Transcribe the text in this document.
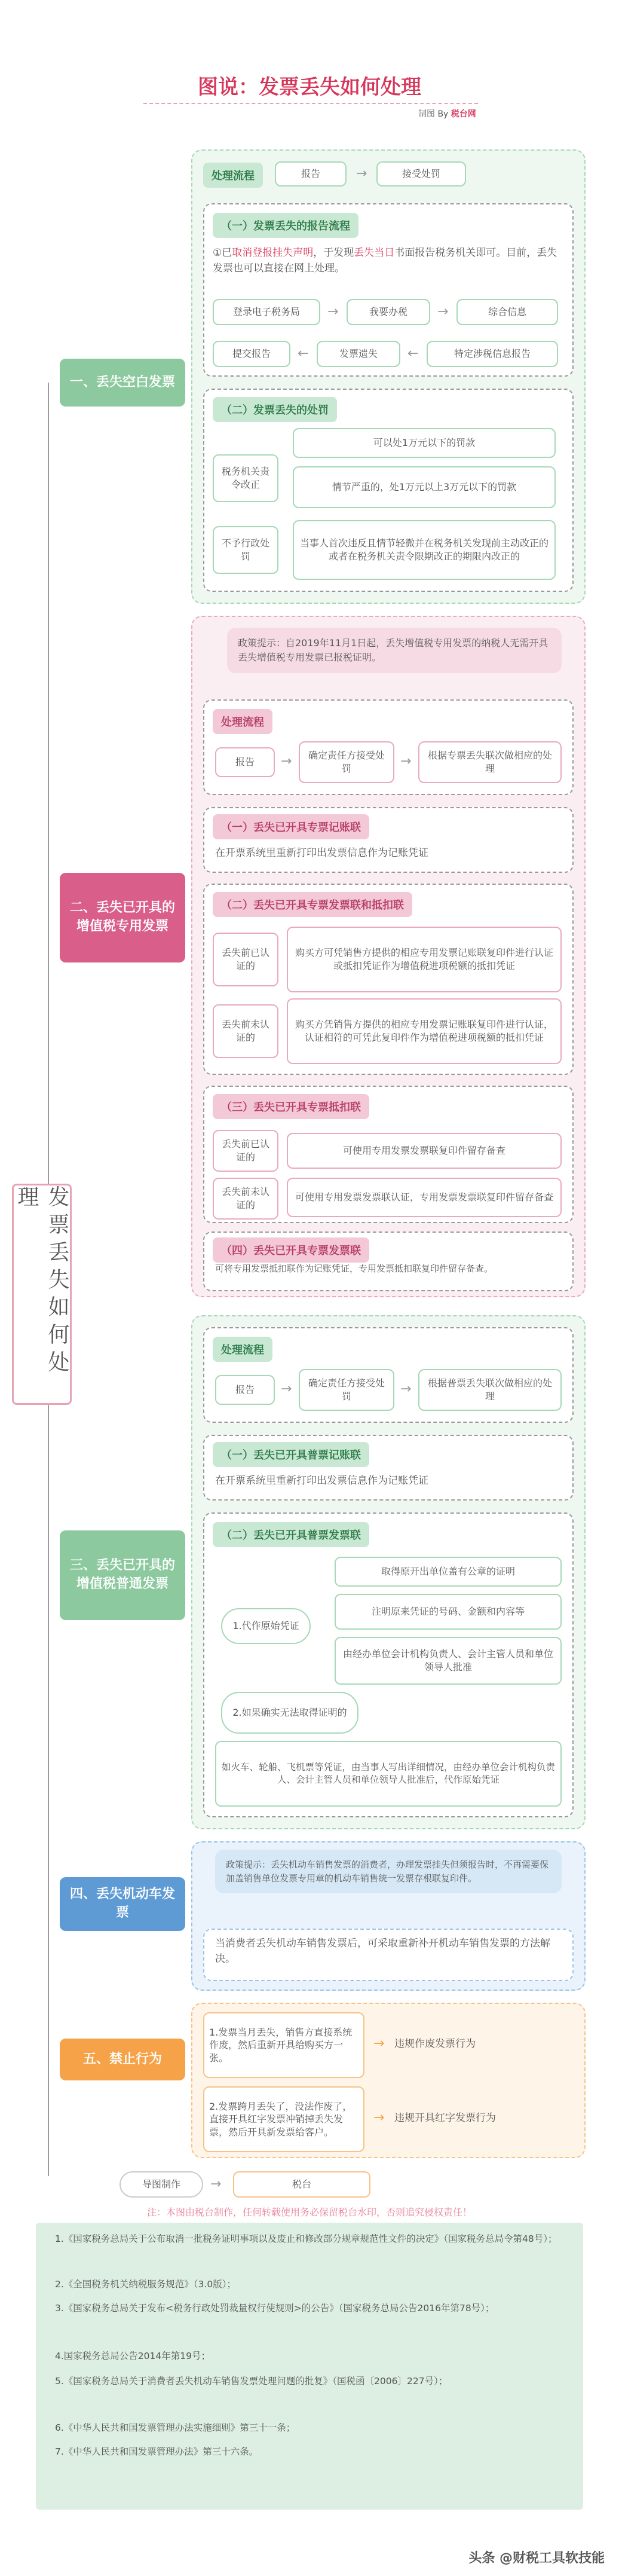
图说：发票丢失如何处理
制图 By 税台网
发票丢失如何处理
一、丢失空白发票
处理流程	报告	→	接受处罚
（一）发票丢失的报告流程
①已取消登报挂失声明，于发现丢失当日书面报告税务机关即可。目前，丢失发票也可以直接在网上处理。
登录电子税务局	→	我要办税	→	综合信息
提交报告	←	发票遗失	←	特定涉税信息报告
（二）发票丢失的处罚
税务机关责令改正
可以处1万元以下的罚款
情节严重的，处1万元以上3万元以下的罚款
不予行政处罚
当事人首次违反且情节轻微并在税务机关发现前主动改正的或者在税务机关责令限期改正的期限内改正的
二、丢失已开具的增值税专用发票
政策提示：自2019年11月1日起，丢失增值税专用发票的纳税人无需开具丢失增值税专用发票已报税证明。
处理流程
报告	→	确定责任方接受处罚	→	根据专票丢失联次做相应的处理
（一）丢失已开具专票记账联
在开票系统里重新打印出发票信息作为记账凭证
（二）丢失已开具专票发票联和抵扣联
丢失前已认证的
购买方可凭销售方提供的相应专用发票记账联复印件进行认证或抵扣凭证作为增值税进项税额的抵扣凭证
丢失前未认证的
购买方凭销售方提供的相应专用发票记账联复印件进行认证，认证相符的可凭此复印件作为增值税进项税额的抵扣凭证
（三）丢失已开具专票抵扣联
丢失前已认证的
可使用专用发票发票联复印件留存备查
丢失前未认证的
可使用专用发票发票联认证，专用发票发票联复印件留存备查
（四）丢失已开具专票发票联
可将专用发票抵扣联作为记账凭证，专用发票抵扣联复印件留存备查。
三、丢失已开具的增值税普通发票
处理流程
报告	→	确定责任方接受处罚	→	根据普票丢失联次做相应的处理
（一）丢失已开具普票记账联
在开票系统里重新打印出发票信息作为记账凭证
（二）丢失已开具普票发票联
1.代作原始凭证
取得原开出单位盖有公章的证明
注明原来凭证的号码、金额和内容等
由经办单位会计机构负责人、会计主管人员和单位领导人批准
2.如果确实无法取得证明的
如火车、轮船、飞机票等凭证，由当事人写出详细情况，由经办单位会计机构负责人、会计主管人员和单位领导人批准后，代作原始凭证
四、丢失机动车发票
政策提示：丢失机动车销售发票的消费者，办理发票挂失但须报告时，不再需要保加盖销售单位发票专用章的机动车销售统一发票存根联复印件。
当消费者丢失机动车销售发票后，可采取重新补开机动车销售发票的方法解决。
五、禁止行为
1.发票当月丢失，销售方直接系统作废，然后重新开具给购买方一张。
→ 违规作废发票行为
2.发票跨月丢失了，没法作废了，直接开具红字发票冲销掉丢失发票，然后开具新发票给客户。
→ 违规开具红字发票行为
导图制作	→	税台
注：本图由税台制作，任何转载使用务必保留税台水印，否则追究侵权责任！
1.《国家税务总局关于公布取消一批税务证明事项以及废止和修改部分规章规范性文件的决定》（国家税务总局令第48号）；
2.《全国税务机关纳税服务规范》（3.0版）；
3.《国家税务总局关于发布<税务行政处罚裁量权行使规则>的公告》（国家税务总局公告2016年第78号）；
4.国家税务总局公告2014年第19号；
5.《国家税务总局关于消费者丢失机动车销售发票处理问题的批复》（国税函〔2006〕227号）；
6.《中华人民共和国发票管理办法实施细则》第三十一条；
7.《中华人民共和国发票管理办法》第三十六条。
头条 @财税工具软技能
